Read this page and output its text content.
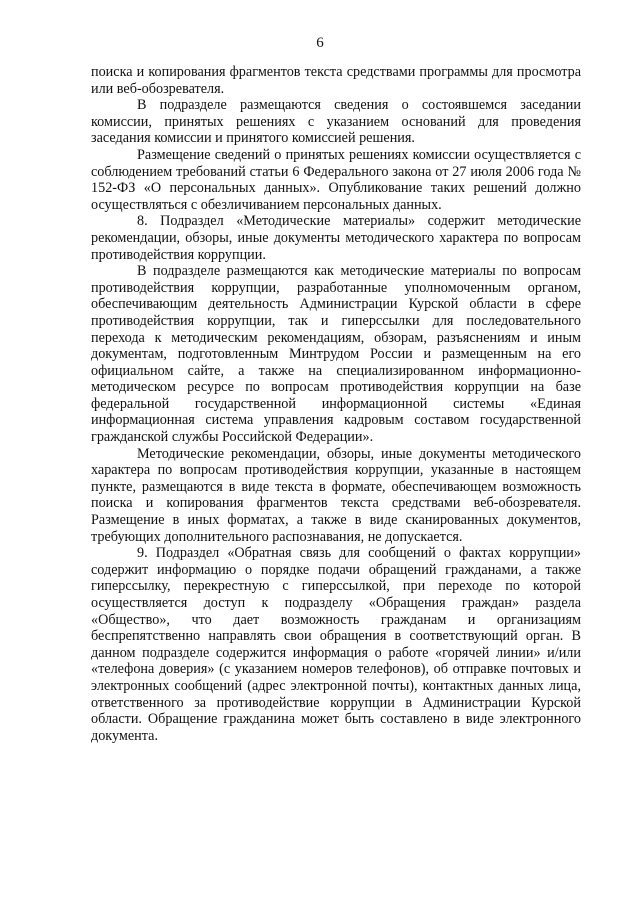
6

поиска и копирования фрагментов текста средствами программы для просмотра или веб-обозревателя.

В подразделе размещаются сведения о состоявшемся заседании комиссии, принятых решениях с указанием оснований для проведения заседания комиссии и принятого комиссией решения.

Размещение сведений о принятых решениях комиссии осуществляется с соблюдением требований статьи 6 Федерального закона от 27 июля 2006 года № 152-ФЗ «О персональных данных». Опубликование таких решений должно осуществляться с обезличиванием персональных данных.

8. Подраздел «Методические материалы» содержит методические рекомендации, обзоры, иные документы методического характера по вопросам противодействия коррупции.

В подразделе размещаются как методические материалы по вопросам противодействия коррупции, разработанные уполномоченным органом, обеспечивающим деятельность Администрации Курской области в сфере противодействия коррупции, так и гиперссылки для последовательного перехода к методическим рекомендациям, обзорам, разъяснениям и иным документам, подготовленным Минтрудом России и размещенным на его официальном сайте, а также на специализированном информационно-методическом ресурсе по вопросам противодействия коррупции на базе федеральной государственной информационной системы «Единая информационная система управления кадровым составом государственной гражданской службы Российской Федерации».

Методические рекомендации, обзоры, иные документы методического характера по вопросам противодействия коррупции, указанные в настоящем пункте, размещаются в виде текста в формате, обеспечивающем возможность поиска и копирования фрагментов текста средствами веб-обозревателя. Размещение в иных форматах, а также в виде сканированных документов, требующих дополнительного распознавания, не допускается.

9. Подраздел «Обратная связь для сообщений о фактах коррупции» содержит информацию о порядке подачи обращений гражданами, а также гиперссылку, перекрестную с гиперссылкой, при переходе по которой осуществляется доступ к подразделу «Обращения граждан» раздела «Общество», что дает возможность гражданам и организациям беспрепятственно направлять свои обращения в соответствующий орган. В данном подразделе содержится информация о работе «горячей линии» и/или «телефона доверия» (с указанием номеров телефонов), об отправке почтовых и электронных сообщений (адрес электронной почты), контактных данных лица, ответственного за противодействие коррупции в Администрации Курской области. Обращение гражданина может быть составлено в виде электронного документа.
